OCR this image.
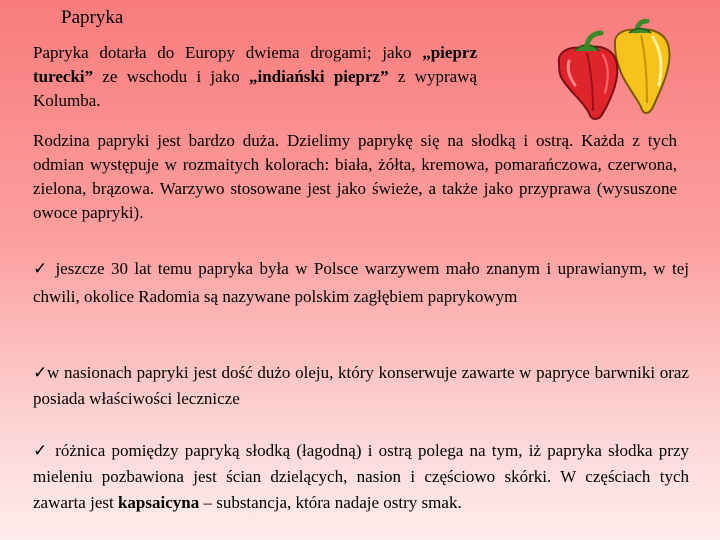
Papryka
Papryka dotarła do Europy dwiema drogami; jako „pieprz turecki” ze wschodu i jako „indiański pieprz” z wyprawą Kolumba.
Rodzina papryki jest bardzo duża. Dzielimy paprykę się na słodką i ostrą. Każda z tych odmian występuje w rozmaitych kolorach: biała, żółta, kremowa, pomarańczowa, czerwona, zielona, brązowa. Warzywo stosowane jest jako świeże, a także jako przyprawa (wysuszone owoce papryki).
✓ jeszcze 30 lat temu papryka była w Polsce warzywem mało znanym i uprawianym, w tej chwili, okolice Radomia są nazywane polskim zagłębiem paprykowym
✓w nasionach papryki jest dość dużo oleju, który konserwuje zawarte w papryce barwniki oraz posiada właściwości lecznicze
✓ różnica pomiędzy papryką słodką (łagodną) i ostrą polega na tym, iż papryka słodka przy mieleniu pozbawiona jest ścian dzielących, nasion i częściowo skórki. W częściach tych zawarta jest kapsaicyna – substancja, która nadaje ostry smak.
